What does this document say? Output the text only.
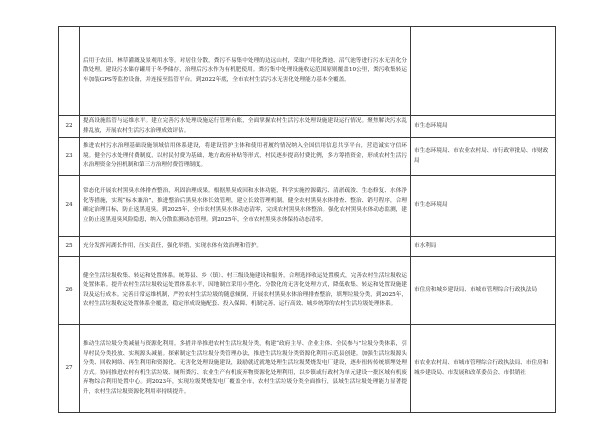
	后用于农田、林草灌溉及景观用水等。对居住分散，粪污不易集中处理的边远山村，采取户用化粪池、沼气池等进行污水无害化分散处理，建设污水储存罐用于冬季储存，治理后污水作为有机肥使用。粪污集中处理设施收运范围原则覆盖10公里，粪污收集转运车加装GPS等监控设备，并连接至监管平台。到2022年底，全市农村生活污水无害化处理能力基本全覆盖。	
22	提高设施监管与运维水平。建立完善污水处理设施运行管理台账，全面掌握农村生活污水处理设施建设运行情况。聚焦解决污水乱排乱放，开展农村生活污水治理成效评估。	市生态环境局
23	推进农村污水治理基础设施领域信用体系建设，将建设管护主体和使用者履约情况纳入全国信用信息共享平台，营造诚实守信环境。健全污水处理付费制度，以村民付费为基础，地方政府补贴等形式，村民逐步提高付费比例，多方筹措资金，形成农村生活污水治理资金分担机制和第三方治理付费管理制度。	市生态环境局、市农业农村局、市行政审批局、市财政局
24	常态化开展农村黑臭水体排查整治，巩固治理成果。根据黑臭成因和水体功能，科学实施控源截污、清淤疏浚、生态修复、水体净化等措施，实现“标本兼治”，推进整治后黑臭水体长效管理，建立长效管理机制。健全农村黑臭水体排查、整治、销号程序，合理确定治理目标，防止返黑返臭。到2025年，全市农村黑臭水体动态清零，完成农村黑臭水体整治。强化农村黑臭水体动态监测，建立防止返黑返臭风险隐患，纳入分散监测动态管理。到2025年，全市农村黑臭水体保持动态清零。	市生态环境局
25	充分发挥河湖长作用，压实责任，强化举措，实现水体有效治理和管护。	市水利局
26	健全生活垃圾收集、转运和处置体系。统筹县、乡（镇）、村三级设施建设和服务，合理选择收运处置模式，完善农村生活垃圾收运处置体系。提升农村生活垃圾收运处置体系水平，因地制宜采用小型化、分散化的无害化处理方式，降低收集、转运和处置设施建设及运行成本。完善日常运维机制，严控农村生活垃圾的随意倾倒，开展农村黑臭水体治理排查整治，填埋垃圾分类，到2025年，农村生活垃圾收运处置体系全覆盖，稳定形成设施配套、投入保障、机制完善、运行高效、城乡统筹的农村生活垃圾处理体系。	市住房和城乡建设局、市城市管理综合行政执法局
27	推动生活垃圾分类减量与资源化利用。多措并举推进农村生活垃圾分类，构建“政府主导、企业主体、全民参与”垃圾分类体系，引导村民分类投放、实现源头减量。探索制定生活垃圾分类管理办法，推进生活垃圾分类资源化利用示范县创建。加强生活垃圾源头分类、回收网络、再生利用和资源化、无害化处理设施建设，鼓励就近就地处理生活垃圾焚烧发电厂建设，逐步扭转传统填埋处理方式。协同推进农村有机生活垃圾、厕所粪污、农业生产有机废弃物资源化处理利用，以乡镇或行政村为单元建设一批区域有机废弃物综合利用处置中心。到2023年，实现垃圾焚烧发电厂覆盖全市，农村生活垃圾分类全面推行，县域生活垃圾处理能力显著提升，农村生活垃圾资源化利用率持续提升。	市农业农村局、市城市管理综合行政执法局、市住房和城乡建设局、市发展和改革委员会、市供销社
